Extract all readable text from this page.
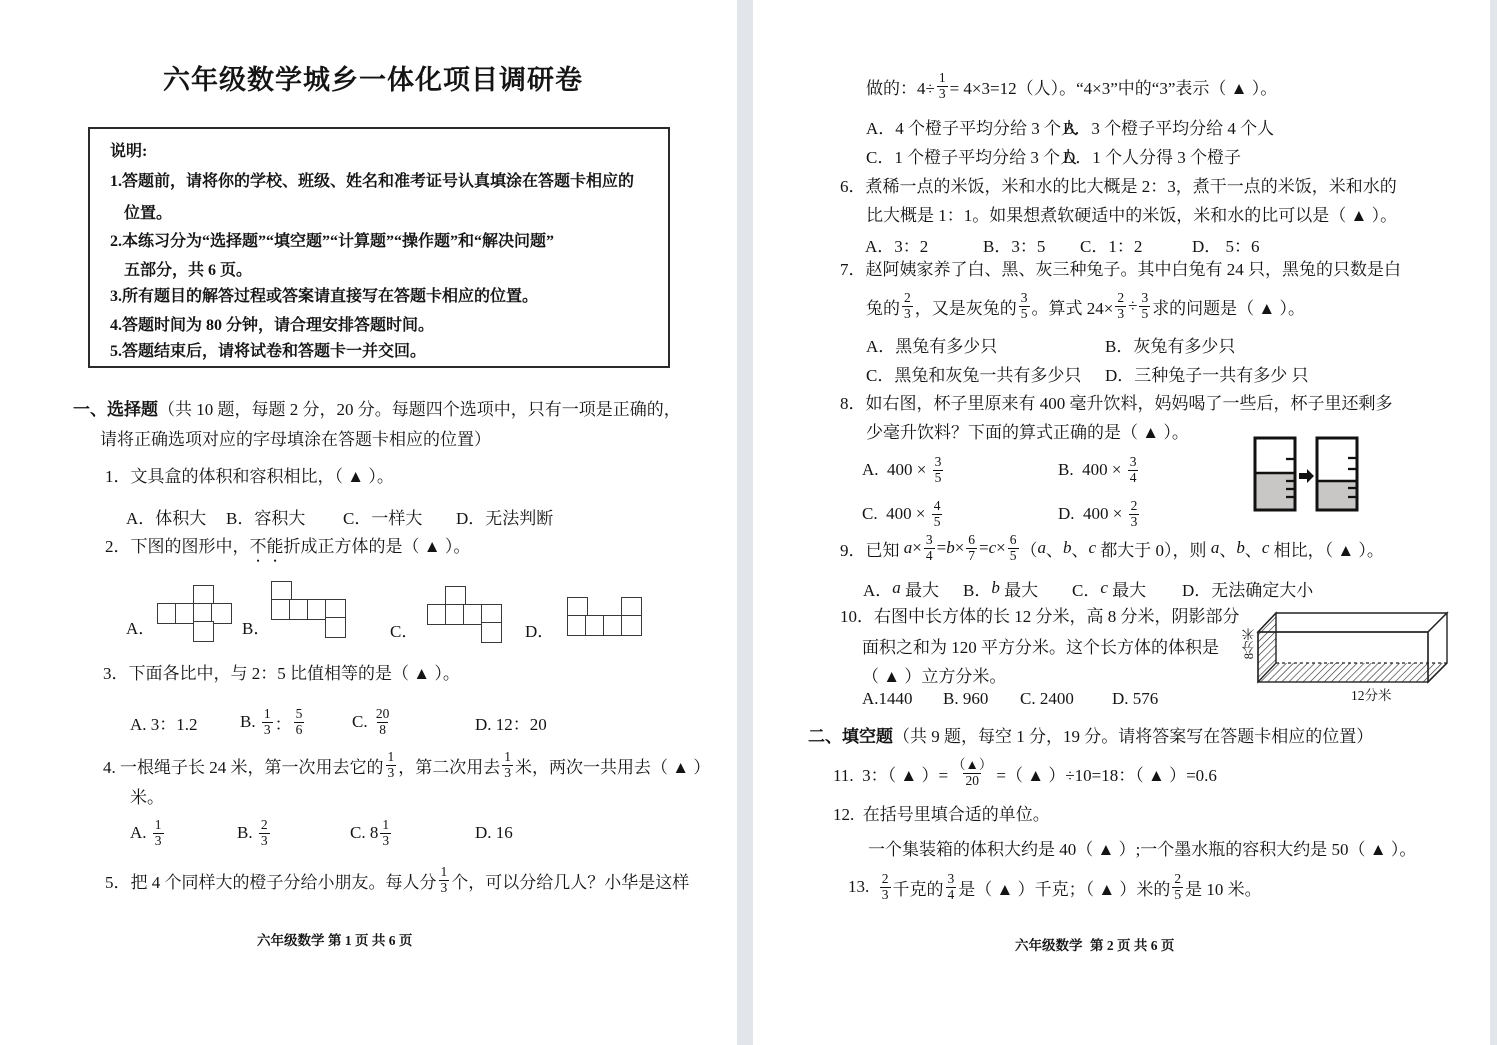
六年级数学城乡一体化项目调研卷
说明:
1.答题前，请将你的学校、班级、姓名和准考证号认真填涂在答题卡相应的
位置。
2.本练习分为“选择题”“填空题”“计算题”“操作题”和“解决问题”
五部分，共 6 页。
3.所有题目的解答过程或答案请直接写在答题卡相应的位置。
4.答题时间为 80 分钟，请合理安排答题时间。
5.答题结束后，请将试卷和答题卡一并交回。
一、选择题（共 10 题，每题 2 分，20 分。每题四个选项中，只有一项是正确的，
请将正确选项对应的字母填涂在答题卡相应的位置）
1．文具盒的体积和容积相比，（ ▲ ）。
A．体积大 B．容积大 C．一样大 D．无法判断
2．下图的图形中，不能折成正方体的是（ ▲ ）。
A．	B．	C．	D．
3．下面各比中，与 2：5 比值相等的是（ ▲ ）。
A. 3：1.2 B. $\frac{1}{3}$ ： $\frac{5}{6}$	C. $\frac{20}{8}$	D. 12：20
4. 一根绳子长 24 米，第一次用去它的 $\frac{1}{3}$ ，第二次用去 $\frac{1}{3}$ 米，两次一共用去（ ▲ ）
米。
A. $\frac{1}{3}$	B. $\frac{2}{3}$	C. $8 \frac{1}{3}$	D. 16
5．把 4 个同样大的橙子分给小朋友。每人分 $\frac{1}{3}$ 个，可以分给几人？小华是这样
六年级数学 第 1 页 共 6 页
做的：$4\div \frac{1}{3} = 4\times 3=12$（人）。“4×3”中的“3”表示（ ▲ ）。
A．4 个橙子平均分给 3 个人
B．3 个橙子平均分给 4 个人
C．1 个橙子平均分给 3 个人
D．1 个人分得 3 个橙子
6．煮稀一点的米饭，米和水的比大概是 2：3，煮干一点的米饭，米和水的
比大概是 1：1。如果想煮软硬适中的米饭，米和水的比可以是（ ▲ ）。
A．3：2	B．3：5 C．1：2	D． 5：6
7．赵阿姨家养了白、黑、灰三种兔子。其中白兔有 24 只，黑兔的只数是白
兔的 $\frac{2}{3}$ ，又是灰兔的 $\frac{3}{5}$ 。算式 $24\times \frac{2}{3} \div \frac{3}{5}$ 求的问题是（ ▲ ）。
A．黑兔有多少只	B．灰兔有多少只
C．黑兔和灰兔一共有多少只 D．三种兔子一共有多少 只
8．如右图，杯子里原来有 400 毫升饮料，妈妈喝了一些后，杯子里还剩多
少毫升饮料？下面的算式正确的是（ ▲ ）。
A.  $400 \times \frac{3}{5}$	B.  $400 \times \frac{3}{4}$
C.  $400 \times \frac{4}{5}$	D.  $400 \times \frac{2}{3}$
9．已知 $a \times \frac{3}{4} = b \times \frac{6}{7} = c \times \frac{6}{5}$ （ a 、 b 、 c 都大于 0），则 a 、 b 、 c 相比，（ ▲ ）。
A． a 最大 B． b 最大 C． c 最大 D．无法确定大小
10．右图中长方体的长 12 分米，高 8 分米，阴影部分
面积之和为 120 平方分米。这个长方体的体积是
（ ▲ ）立方分米。
A.1440 B. 960 C. 2400 D. 576
8分米
12分米
二、填空题（共 9 题，每空 1 分，19 分。请将答案写在答题卡相应的位置）
11.  3：（ ▲ ）= $\frac{(▲)}{20}$ =（ ▲ ）÷10=18：（ ▲ ）=0.6
12.  在括号里填合适的单位。
一个集装箱的体积大约是 40（ ▲ ）;一个墨水瓶的容积大约是 50（ ▲ ）。
13. $\frac{2}{3}$ 千克的 $\frac{3}{4}$ 是（ ▲ ）千克；（ ▲ ）米的 $\frac{2}{5}$ 是 10 米。
六年级数学 第 2 页 共 6 页
